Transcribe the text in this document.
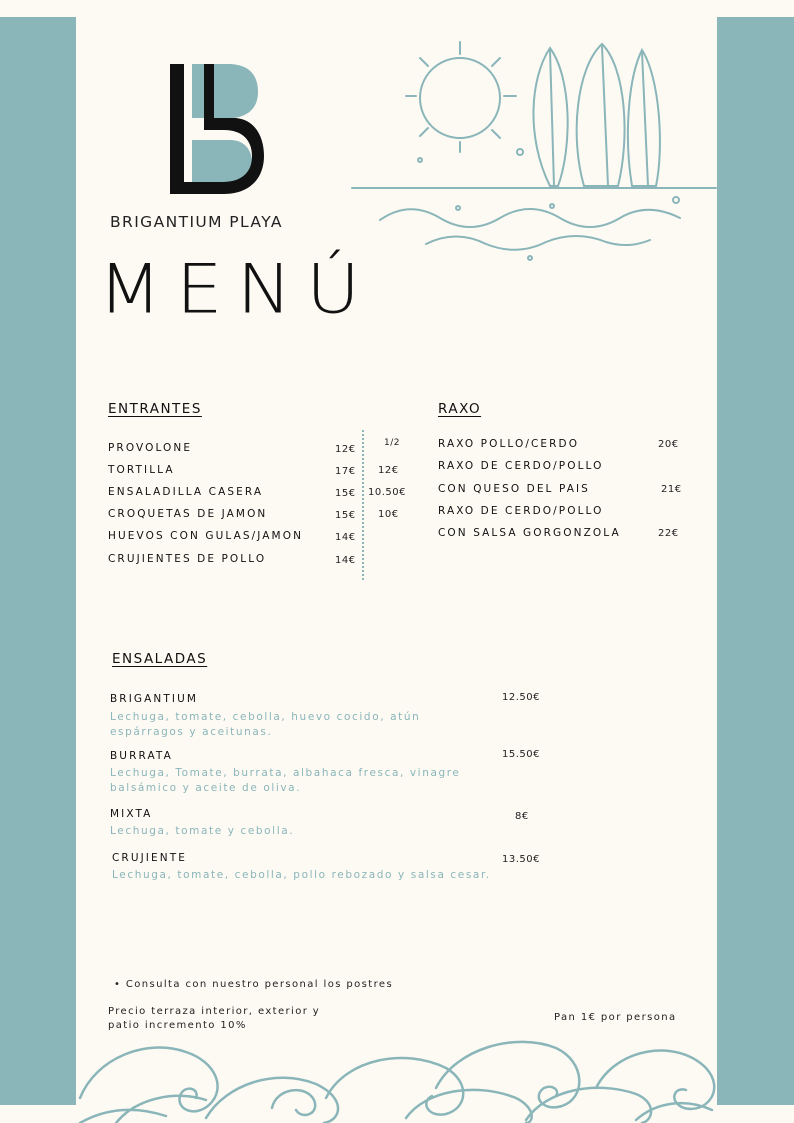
BRIGANTIUM PLAYA
MENÚ
ENTRANTES
PROVOLONE	12€
1/2
TORTILLA	17€ 12€
ENSALADILLA CASERA	15€ 10.50€
CROQUETAS DE JAMON	15€ 10€
HUEVOS CON GULAS/JAMON	14€
CRUJIENTES DE POLLO	14€
RAXO
RAXO POLLO/CERDO	20€
RAXO DE CERDO/POLLO
CON QUESO DEL PAIS	21€
RAXO DE CERDO/POLLO
CON SALSA GORGONZOLA	22€
ENSALADAS
BRIGANTIUM	12.50€
Lechuga, tomate, cebolla, huevo cocido, atún espárragos y aceitunas.
BURRATA	15.50€
Lechuga, Tomate, burrata, albahaca fresca, vinagre balsámico y aceite de oliva.
MIXTA	8€
Lechuga, tomate y cebolla.
CRUJIENTE	13.50€
Lechuga, tomate, cebolla, pollo rebozado y salsa cesar.
• Consulta con nuestro personal los postres
Precio terraza interior, exterior y patio incremento 10%
Pan 1€ por persona
